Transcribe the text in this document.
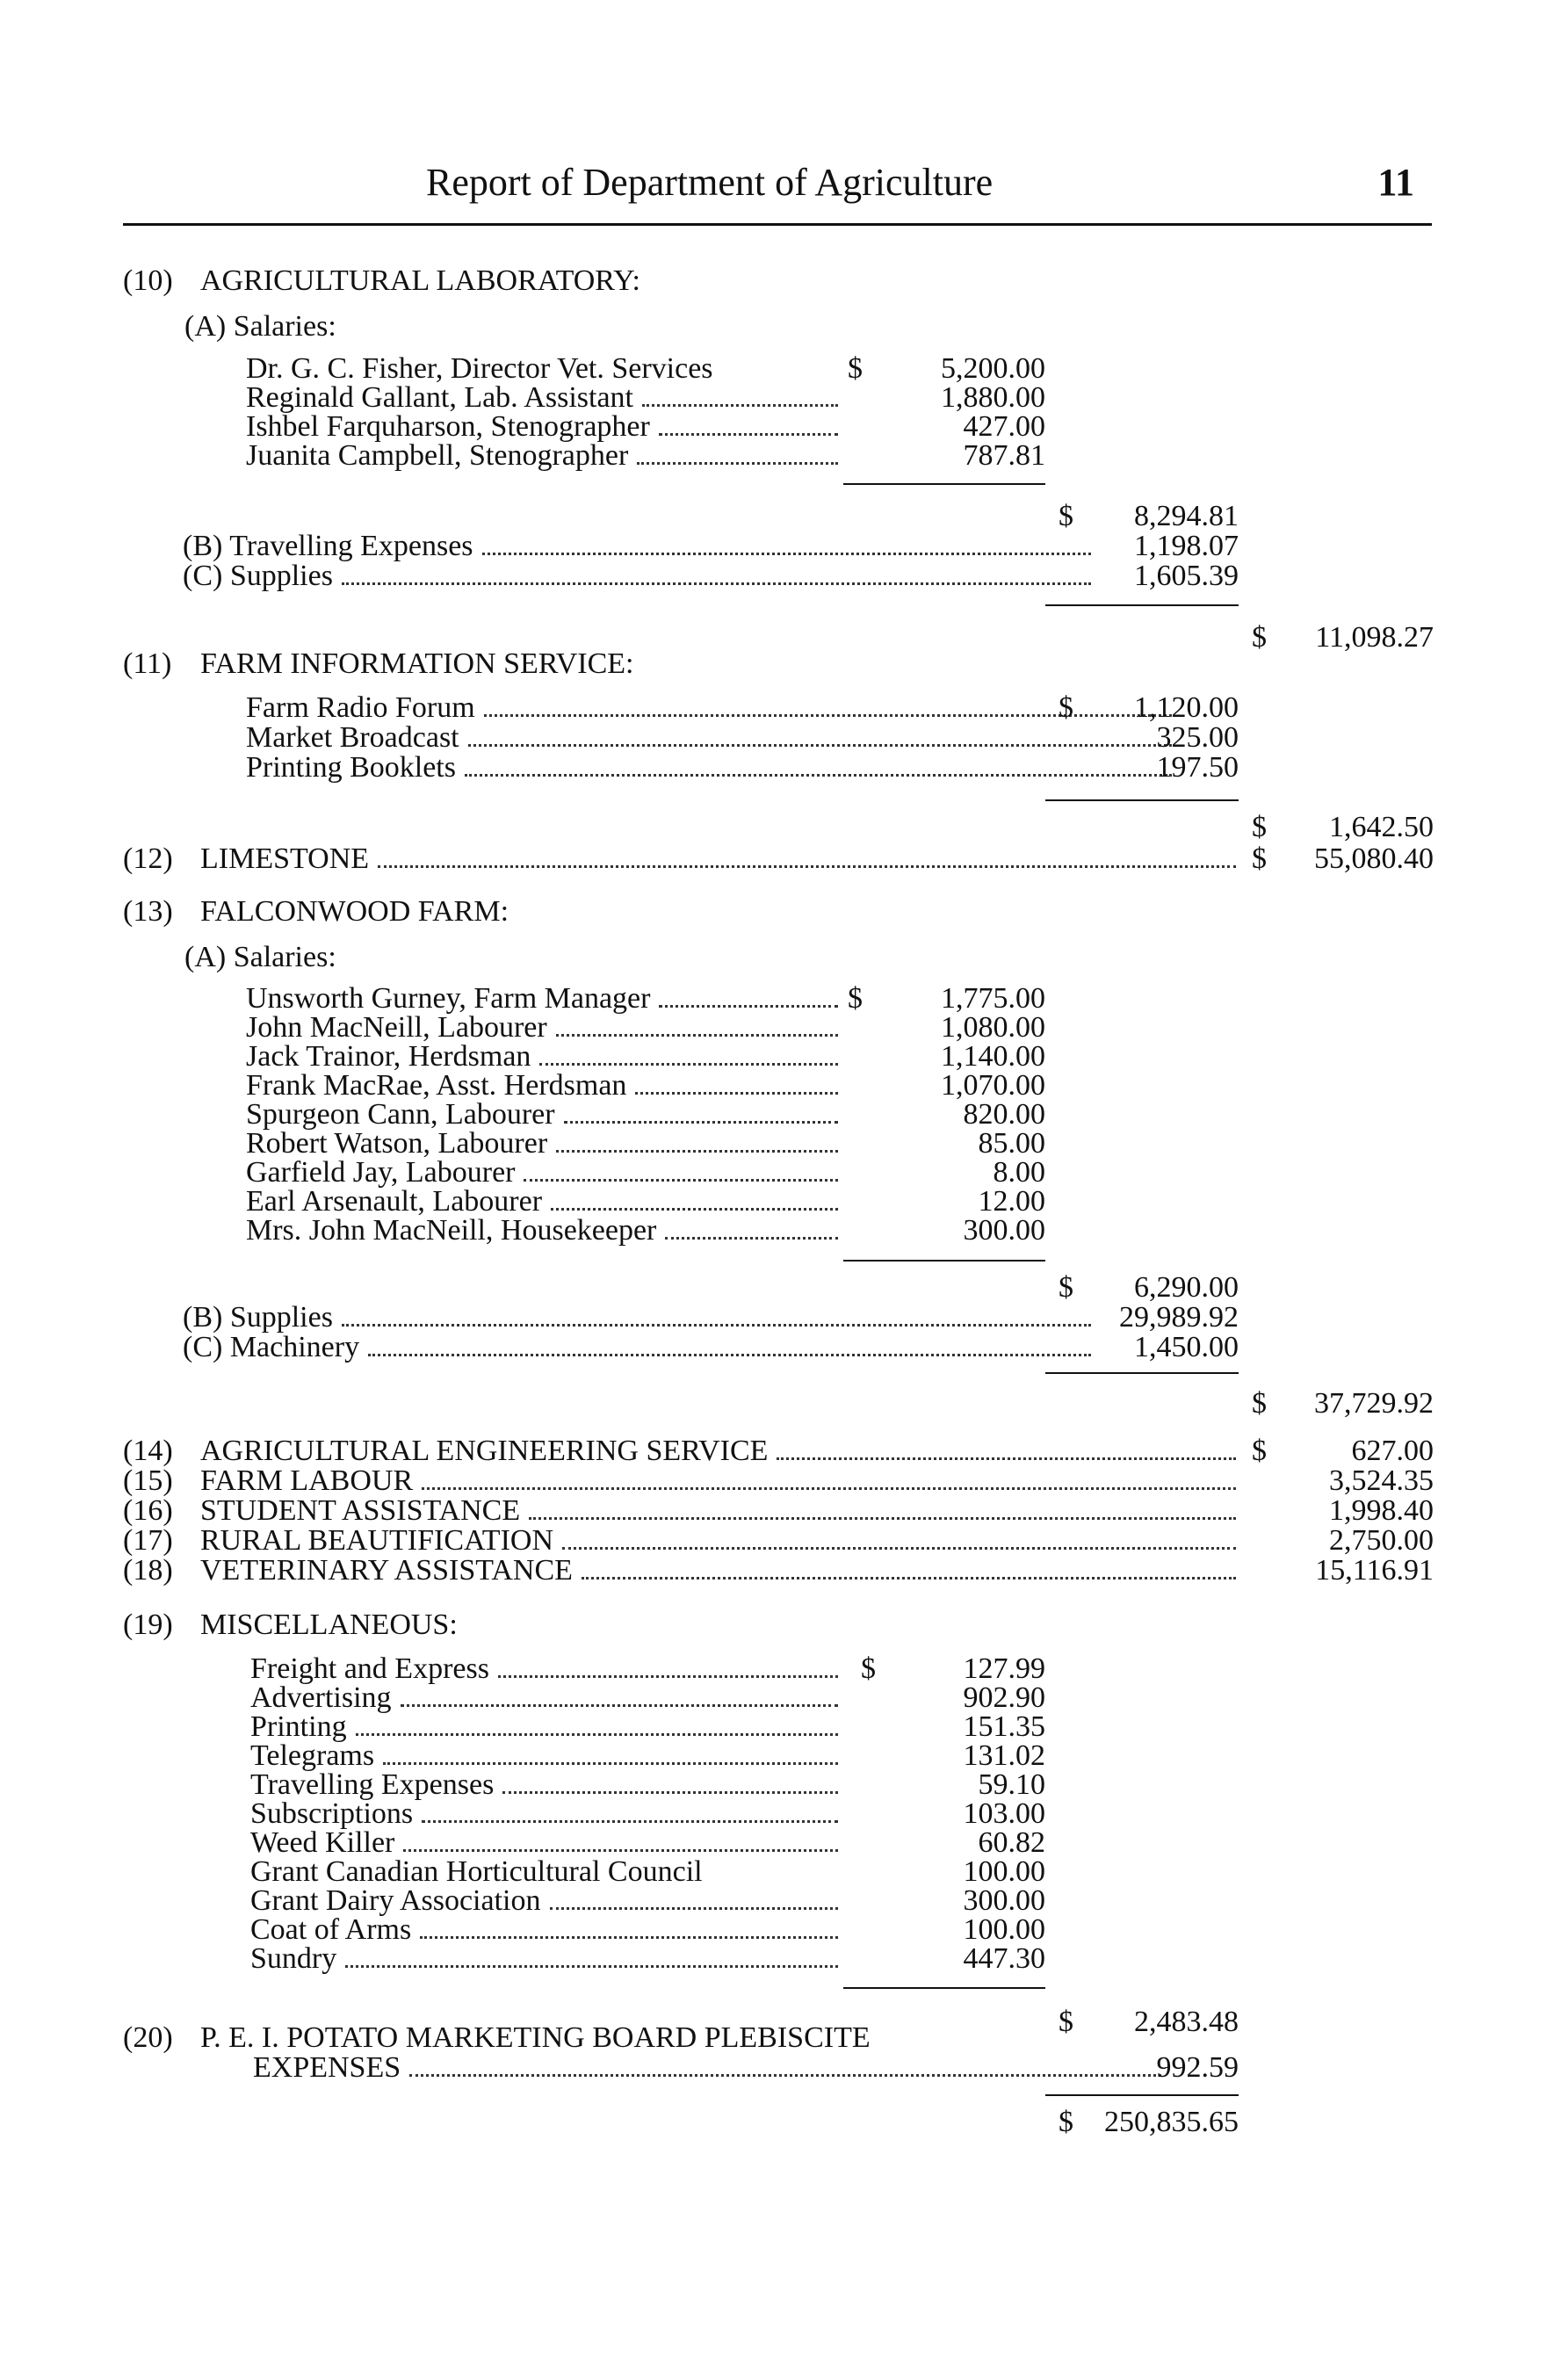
Report of Department of Agriculture	11
(10) AGRICULTURAL LABORATORY:
(A) Salaries:
Dr. G. C. Fisher, Director Vet. Services	$	5,200.00
Reginald Gallant, Lab. Assistant	1,880.00
Ishbel Farquharson, Stenographer	427.00
Juanita Campbell, Stenographer	787.81
$ 8,294.81
(B) Travelling Expenses	1,198.07
(C) Supplies	1,605.39
$ 11,098.27
(11) FARM INFORMATION SERVICE:
Farm Radio Forum	$ 1,120.00
Market Broadcast	325.00
Printing Booklets	197.50
$ 1,642.50
(12) LIMESTONE	$ 55,080.40
(13) FALCONWOOD FARM:
(A) Salaries:
Unsworth Gurney, Farm Manager	$	1,775.00
John MacNeill, Labourer	1,080.00
Jack Trainor, Herdsman	1,140.00
Frank MacRae, Asst. Herdsman	1,070.00
Spurgeon Cann, Labourer	820.00
Robert Watson, Labourer	85.00
Garfield Jay, Labourer	8.00
Earl Arsenault, Labourer	12.00
Mrs. John MacNeill, Housekeeper	300.00
$ 6,290.00
(B) Supplies	29,989.92
(C) Machinery	1,450.00
$ 37,729.92
(14) AGRICULTURAL ENGINEERING SERVICE	$	627.00
(15) FARM LABOUR	3,524.35
(16) STUDENT ASSISTANCE	1,998.40
(17) RURAL BEAUTIFICATION	2,750.00
(18) VETERINARY ASSISTANCE	15,116.91
(19) MISCELLANEOUS:
Freight and Express	$	127.99
Advertising	902.90
Printing	151.35
Telegrams	131.02
Travelling Expenses	59.10
Subscriptions	103.00
Weed Killer	60.82
Grant Canadian Horticultural Council	100.00
Grant Dairy Association	300.00
Coat of Arms	100.00
Sundry	447.30
$ 2,483.48
(20) P. E. I. POTATO MARKETING BOARD PLEBISCITE
EXPENSES	992.59
$ 250,835.65
